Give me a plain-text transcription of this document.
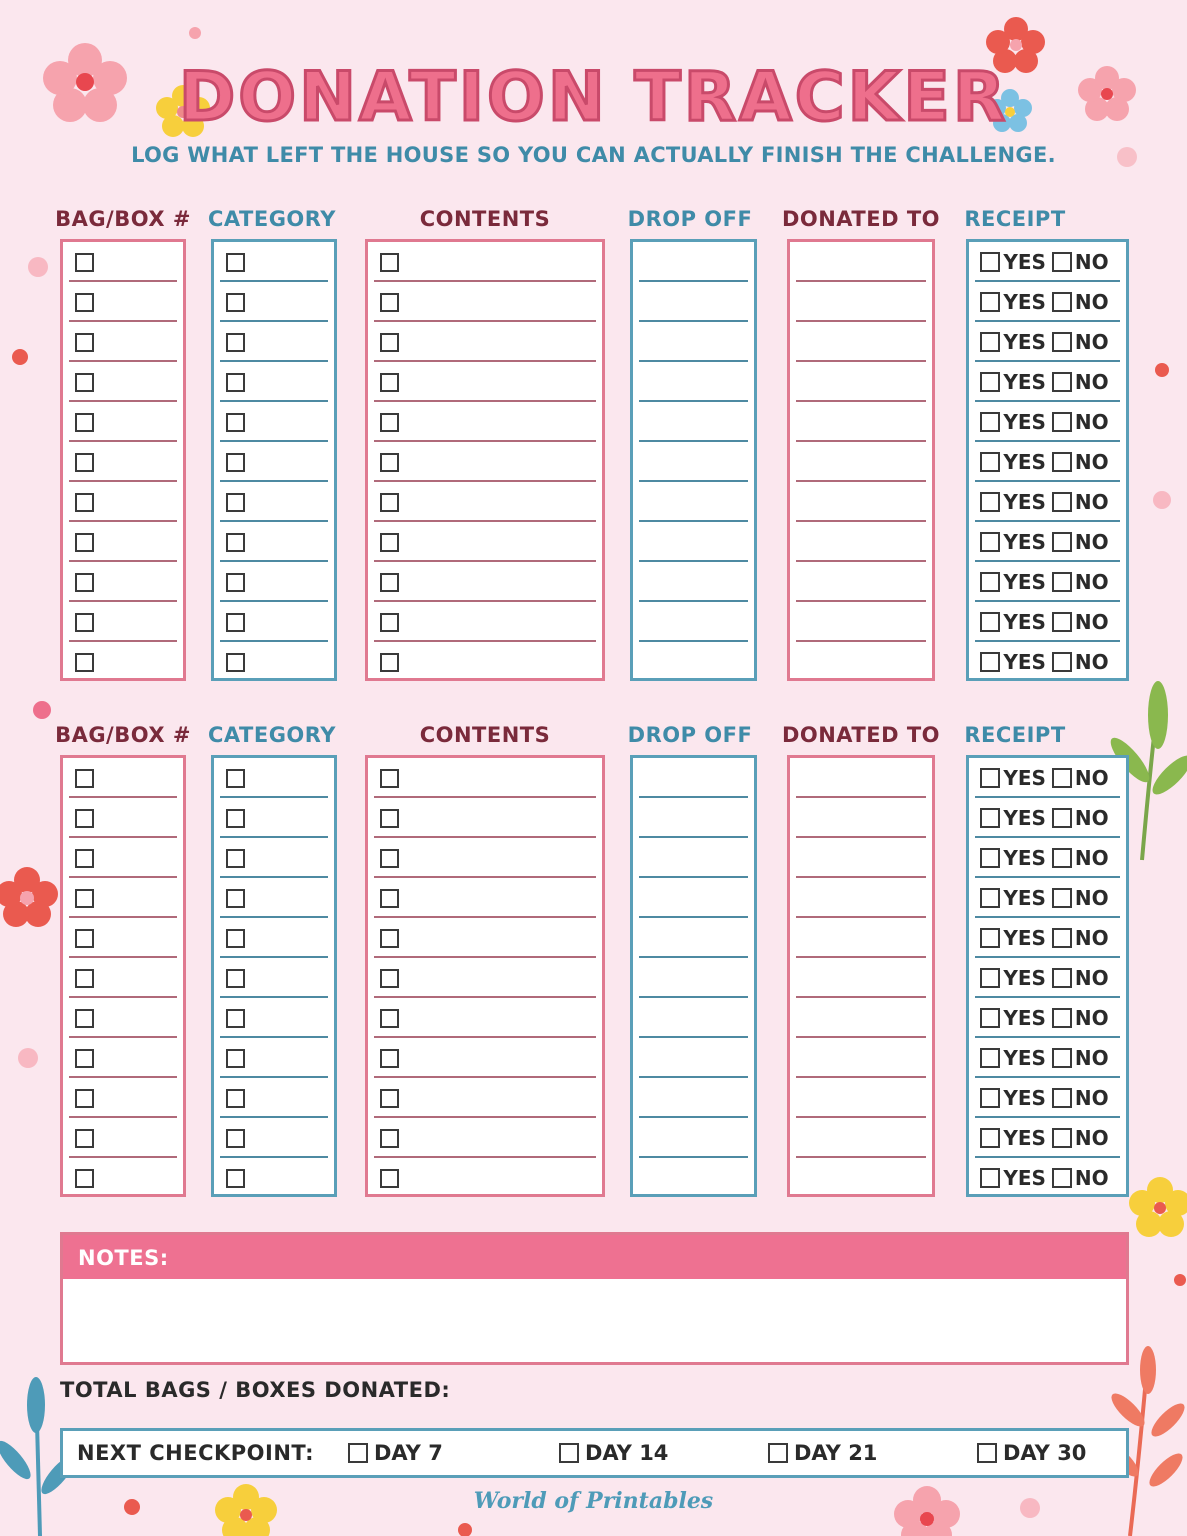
DONATION TRACKER
LOG WHAT LEFT THE HOUSE SO YOU CAN ACTUALLY FINISH THE CHALLENGE.
BAG/BOX # CATEGORY	CONTENTS	DROP OFF	DONATED TO	RECEIPT
YES NO
YES NO
YES NO
YES NO
YES NO
YES NO
YES NO
YES NO
YES NO
YES NO
YES NO
BAG/BOX # CATEGORY	CONTENTS	DROP OFF	DONATED TO	RECEIPT
YES NO
YES NO
YES NO
YES NO
YES NO
YES NO
YES NO
YES NO
YES NO
YES NO
YES NO
NOTES:
TOTAL BAGS / BOXES DONATED:
NEXT CHECKPOINT:	DAY 7	DAY 14	DAY 21	DAY 30
World of Printables
